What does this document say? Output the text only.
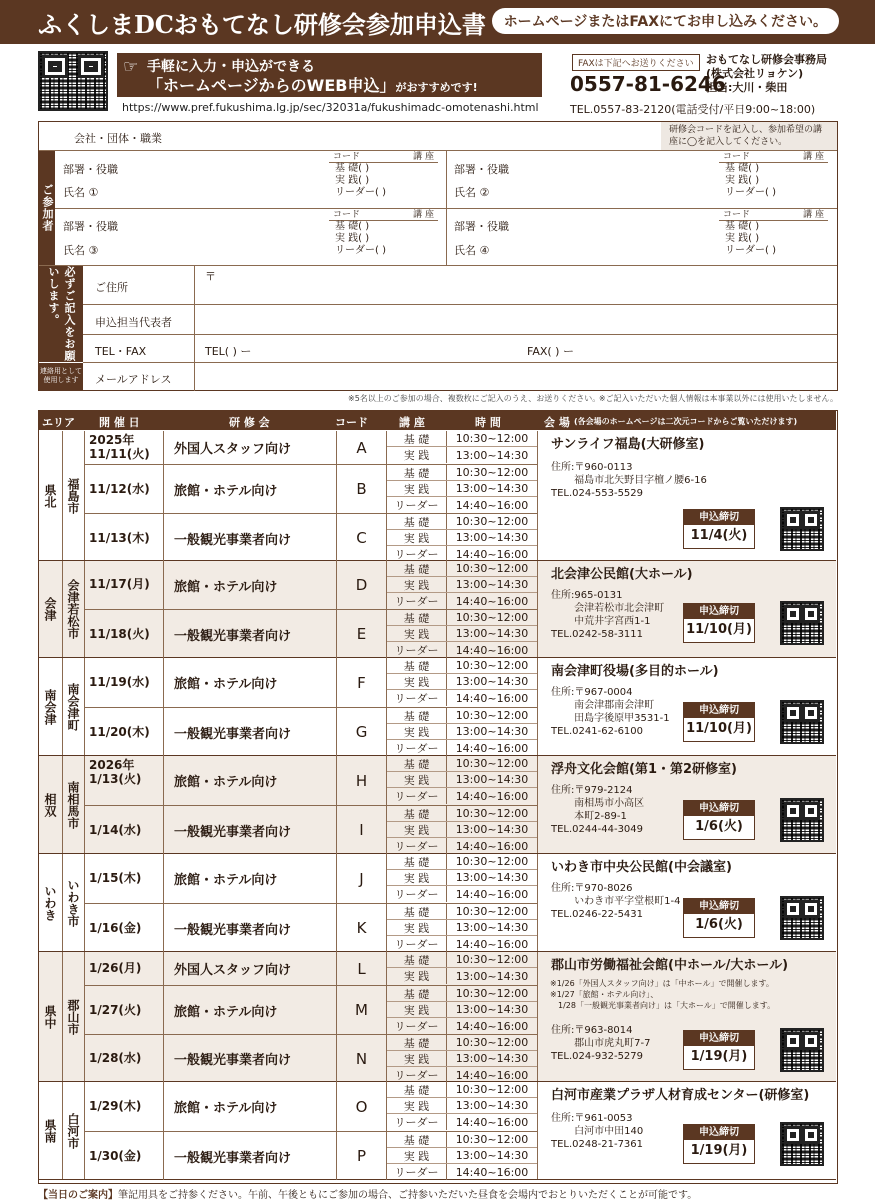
ふくしまDCおもてなし研修会参加申込書	ホームページまたはFAXにてお申し込みください。
☞ 手軽に入力・申込ができる
「ホームページからのWEB申込」がおすすめです!
https://www.pref.fukushima.lg.jp/sec/32031a/fukushimadc-omotenashi.html
FAXは下記へお送りください
0557-81-6246
おもてなし研修会事務局
(株式会社リョケン)
担当:大川・柴田
TEL.0557-83-2120(電話受付/平日9:00~18:00)
会社・団体・職業
研修会コードを記入し、参加希望の講座に◯を記入してください。
ご参加者
部署・役職
氏名 ①
コード	講 座
基 礎( )
実 践( )
リーダー( )
部署・役職
氏名 ②
コード	講 座
基 礎( )
実 践( )
リーダー( )
部署・役職
氏名 ③
コード	講 座
基 礎( )
実 践( )
リーダー( )
部署・役職
氏名 ④
コード	講 座
基 礎( )
実 践( )
リーダー( )
必ずご記入をお願いします。
連絡用として使用します
ご住所
〒
申込担当代表者
TEL・FAX	TEL( ) ー	FAX( ) ー
メールアドレス
※5名以上のご参加の場合、複数枚にご記入のうえ、お送りください。
※ご記入いただいた個人情報は本事業以外には使用いたしません。
エリア 開 催 日	研 修 会	コード	講 座	時 間	会 場 (各会場のホームページは二次元コードからご覧いただけます)
県北 福島市
2025年
11/11(火)	外国人スタッフ向け	A	基 礎	10:30~12:00
実 践	13:00~14:30
11/12(水)	旅館・ホテル向け	B
基 礎	10:30~12:00
実 践	13:00~14:30
リーダー	14:40~16:00
11/13(木)	一般観光事業者向け	C
基 礎	10:30~12:00
実 践	13:00~14:30
リーダー	14:40~16:00
サンライフ福島(大研修室)
住所:〒960-0113
　　 福島市北矢野目字檀ノ腰6-16
TEL.024-553-5529
申込締切
11/4(火)
会津 会津若松市 11/17(月)	旅館・ホテル向け	D
基 礎	10:30~12:00
実 践	13:00~14:30
リーダー	14:40~16:00
11/18(火)	一般観光事業者向け	E
基 礎	10:30~12:00
実 践	13:00~14:30
リーダー	14:40~16:00
北会津公民館(大ホール)
住所:965-0131
　　 会津若松市北会津町
　　 中荒井字宮西1-1
TEL.0242-58-3111
申込締切
11/10(月)
南会津 南会津町
11/19(水)	旅館・ホテル向け	F
基 礎	10:30~12:00
実 践	13:00~14:30
リーダー	14:40~16:00
11/20(木)	一般観光事業者向け	G
基 礎	10:30~12:00
実 践	13:00~14:30
リーダー	14:40~16:00
南会津町役場(多目的ホール)
住所:〒967-0004
　　 南会津郡南会津町
　　 田島字後原甲3531-1
TEL.0241-62-6100
申込締切
11/10(月)
相双 南相馬市
2026年
1/13(火)	旅館・ホテル向け	H
基 礎	10:30~12:00
実 践	13:00~14:30
リーダー	14:40~16:00
1/14(水)	一般観光事業者向け	I
基 礎	10:30~12:00
実 践	13:00~14:30
リーダー	14:40~16:00
浮舟文化会館(第1・第2研修室)
住所:〒979-2124
　　 南相馬市小高区
　　 本町2-89-1
TEL.0244-44-3049
申込締切
1/6(火)
いわき いわき市
1/15(木)	旅館・ホテル向け	J
基 礎	10:30~12:00
実 践	13:00~14:30
リーダー	14:40~16:00
1/16(金)	一般観光事業者向け	K
基 礎	10:30~12:00
実 践	13:00~14:30
リーダー	14:40~16:00
いわき市中央公民館(中会議室)
住所:〒970-8026
　　 いわき市平字堂根町1-4
TEL.0246-22-5431
申込締切
1/6(火)
県中 郡山市
1/26(月)	外国人スタッフ向け	L	基 礎	10:30~12:00
実 践	13:00~14:30
1/27(火)	旅館・ホテル向け	M
基 礎	10:30~12:00
実 践	13:00~14:30
リーダー	14:40~16:00
1/28(水)	一般観光事業者向け	N
基 礎	10:30~12:00
実 践	13:00~14:30
リーダー	14:40~16:00
郡山市労働福祉会館(中ホール/大ホール)
※1/26「外国人スタッフ向け」は「中ホール」で開催します。
※1/27「旅館・ホテル向け」、
　1/28「一般観光事業者向け」は「大ホール」で開催します。
住所:〒963-8014
　　 郡山市虎丸町7-7
TEL.024-932-5279
申込締切
1/19(月)
県南 白河市
1/29(木)	旅館・ホテル向け	O
基 礎	10:30~12:00
実 践	13:00~14:30
リーダー	14:40~16:00
1/30(金)	一般観光事業者向け	P
基 礎	10:30~12:00
実 践	13:00~14:30
リーダー	14:40~16:00
白河市産業プラザ人材育成センター(研修室)
住所:〒961-0053
　　 白河市中田140
TEL.0248-21-7361
申込締切
1/19(月)
【当日のご案内】筆記用具をご持参ください。午前、午後ともにご参加の場合、ご持参いただいた昼食を会場内でおとりいただくことが可能です。
